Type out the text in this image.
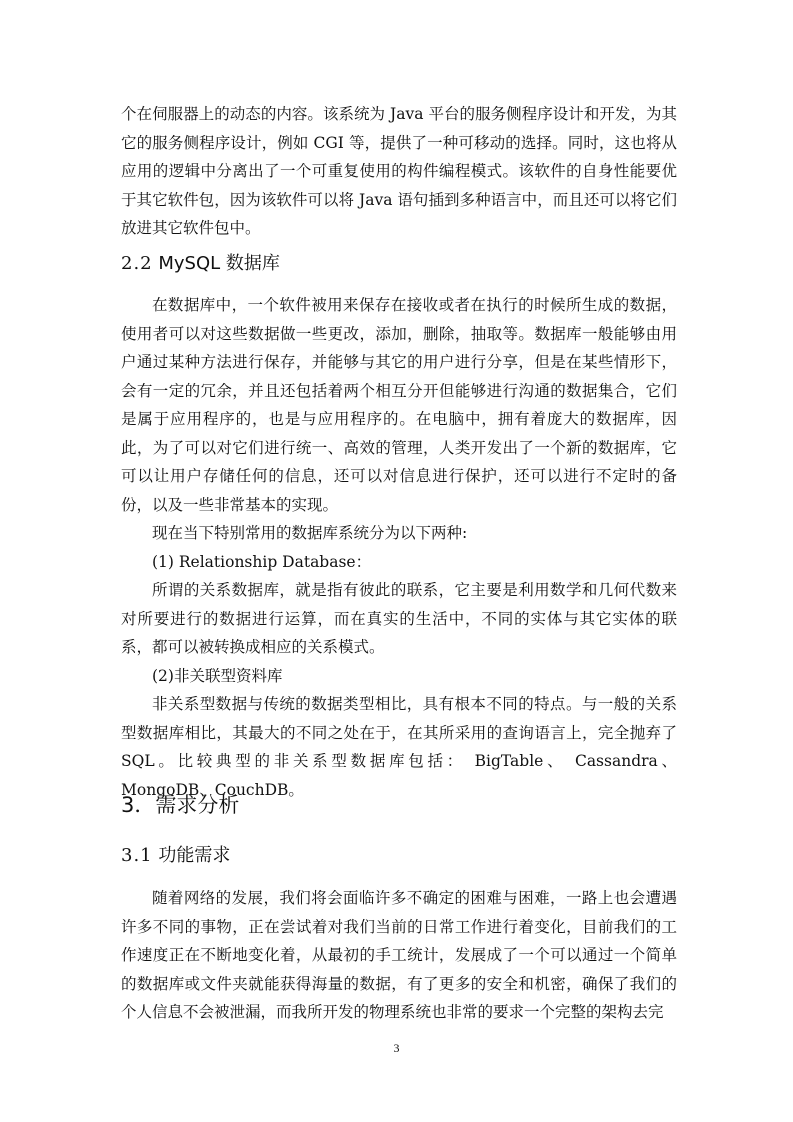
个在伺服器上的动态的内容。该系统为 Java 平台的服务侧程序设计和开发，为其它的服务侧程序设计，例如 CGI 等，提供了一种可移动的选择。同时，这也将从应用的逻辑中分离出了一个可重复使用的构件编程模式。该软件的自身性能要优于其它软件包，因为该软件可以将 Java 语句插到多种语言中，而且还可以将它们放进其它软件包中。

2.2 MySQL 数据库

在数据库中，一个软件被用来保存在接收或者在执行的时候所生成的数据，使用者可以对这些数据做一些更改，添加，删除，抽取等。数据库一般能够由用户通过某种方法进行保存，并能够与其它的用户进行分享，但是在某些情形下，会有一定的冗余，并且还包括着两个相互分开但能够进行沟通的数据集合，它们是属于应用程序的，也是与应用程序的。在电脑中，拥有着庞大的数据库，因此，为了可以对它们进行统一、高效的管理，人类开发出了一个新的数据库，它可以让用户存储任何的信息，还可以对信息进行保护，还可以进行不定时的备份，以及一些非常基本的实现。

现在当下特别常用的数据库系统分为以下两种:

(1) Relationship Database：

所谓的关系数据库，就是指有彼此的联系，它主要是利用数学和几何代数来对所要进行的数据进行运算，而在真实的生活中，不同的实体与其它实体的联系，都可以被转换成相应的关系模式。

(2)非关联型资料库

非关系型数据与传统的数据类型相比，具有根本不同的特点。与一般的关系型数据库相比，其最大的不同之处在于，在其所采用的查询语言上，完全抛弃了 SQL。比较典型的非关系型数据库包括： BigTable、 Cassandra、 MongoDB、CouchDB。

3．需求分析
3.1 功能需求

随着网络的发展，我们将会面临许多不确定的困难与困难，一路上也会遭遇许多不同的事物，正在尝试着对我们当前的日常工作进行着变化，目前我们的工作速度正在不断地变化着，从最初的手工统计，发展成了一个可以通过一个简单的数据库或文件夹就能获得海量的数据，有了更多的安全和机密，确保了我们的个人信息不会被泄漏，而我所开发的物理系统也非常的要求一个完整的架构去完

3
